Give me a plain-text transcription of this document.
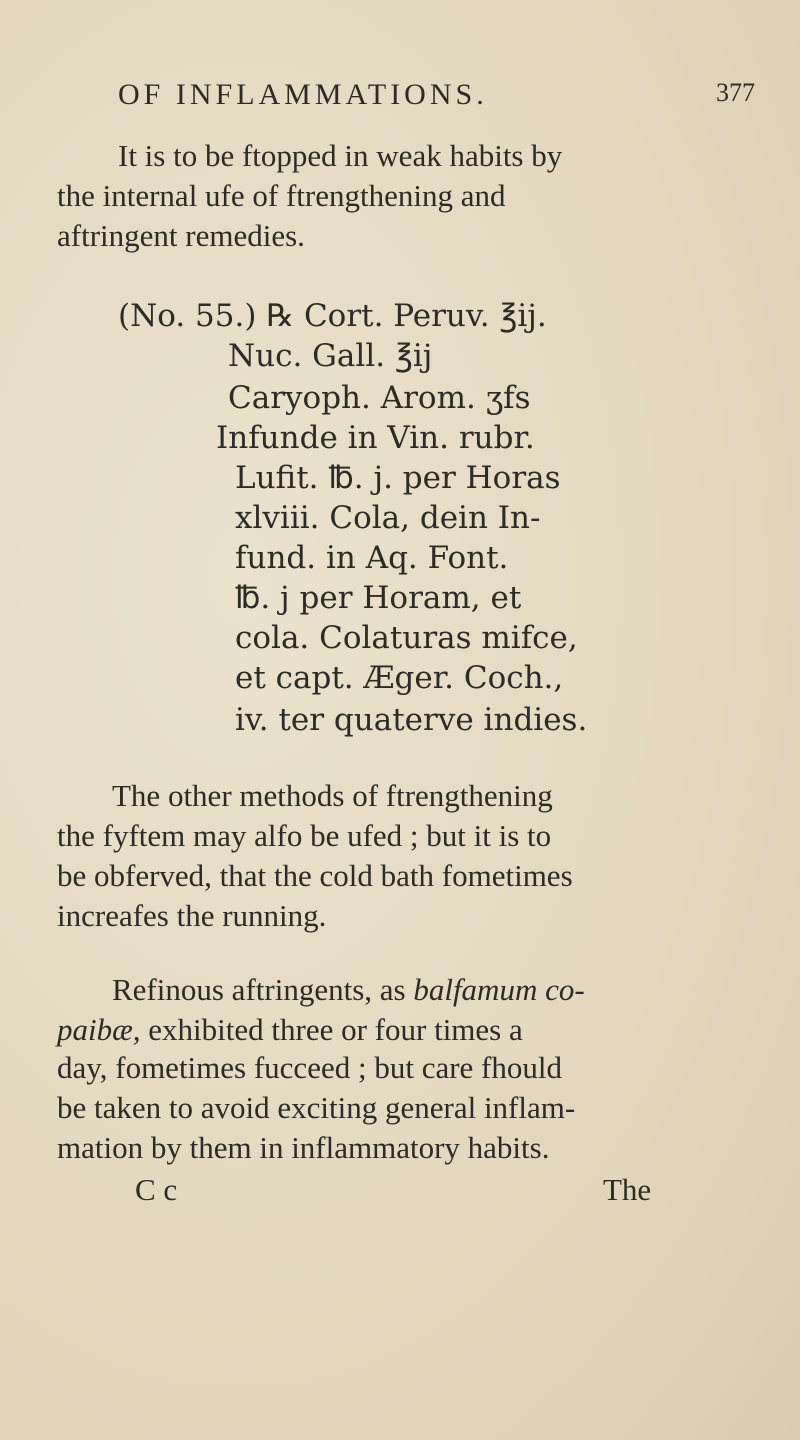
OF INFLAMMATIONS.	377
It is to be ftopped in weak habits by
the internal ufe of ftrengthening and
aftringent remedies.
(No. 55.) ℞ Cort. Peruv. ℥ij.
Nuc. Gall. ℥ij
Caryoph. Arom. ʒfs
Infunde in Vin. rubr.
Lufit. ℔. j. per Horas
xlviii. Cola, dein In-
fund. in Aq. Font.
℔. j per Horam, et
cola. Colaturas mifce,
et capt. Æger. Coch.,
iv. ter quaterve indies.
The other methods of ftrengthening
the fyftem may alfo be ufed ; but it is to
be obferved, that the cold bath fometimes
increafes the running.
Refinous aftringents, as balfamum co-
paibæ, exhibited three or four times a
day, fometimes fucceed ; but care fhould
be taken to avoid exciting general inflam-
mation by them in inflammatory habits.
C c	The
